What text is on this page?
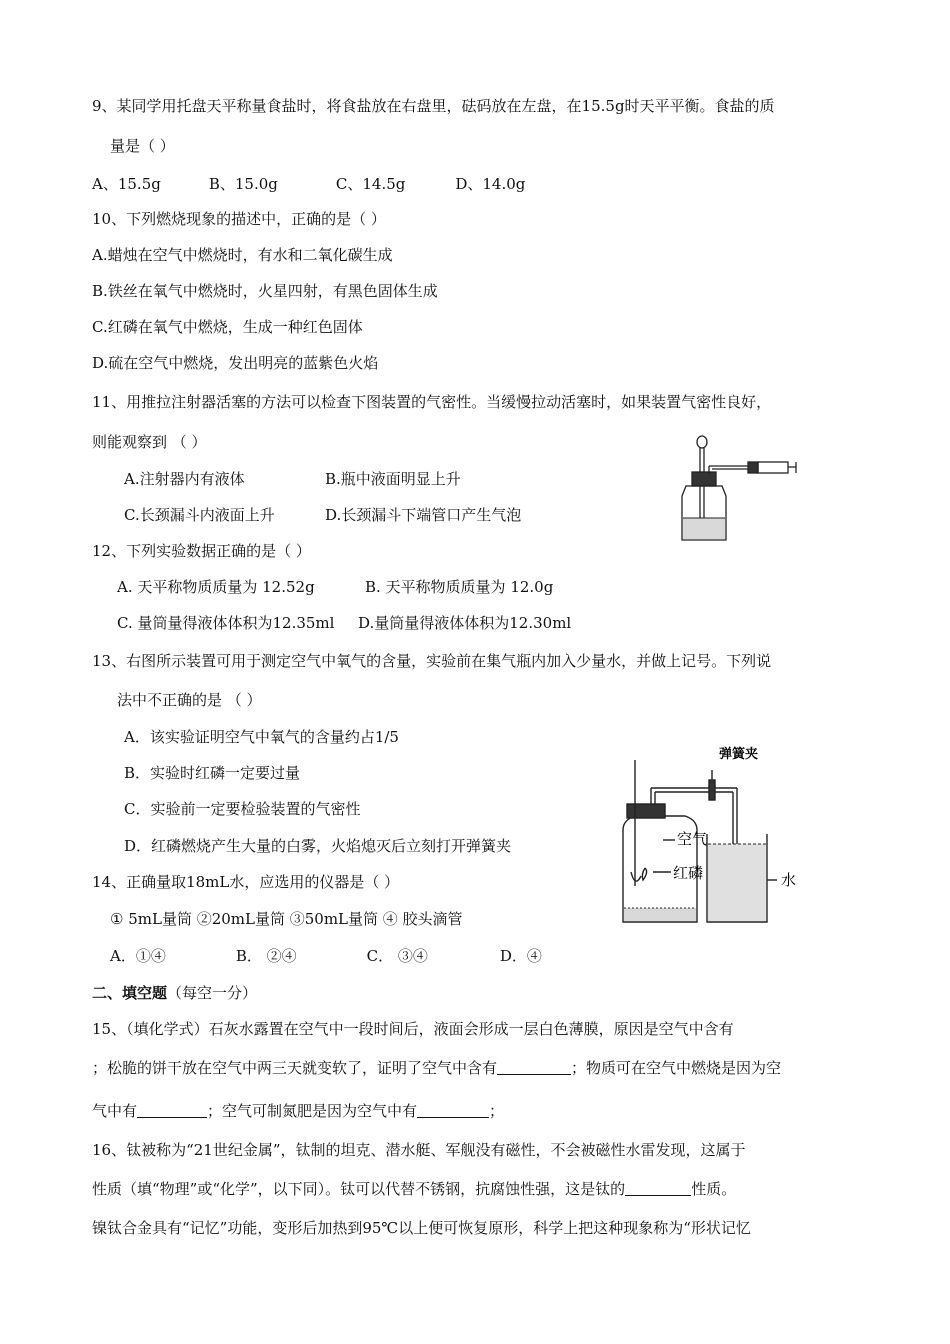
9、某同学用托盘天平称量食盐时，将食盐放在右盘里，砝码放在左盘，在15.5g时天平平衡。食盐的质
量是（ ）
A、15.5g	B、15.0g	C、14.5g	D、14.0g
10、下列燃烧现象的描述中，正确的是（ ）
A.蜡烛在空气中燃烧时，有水和二氧化碳生成
B.铁丝在氧气中燃烧时，火星四射，有黑色固体生成
C.红磷在氧气中燃烧，生成一种红色固体
D.硫在空气中燃烧，发出明亮的蓝紫色火焰
11、用推拉注射器活塞的方法可以检查下图装置的气密性。当缓慢拉动活塞时，如果装置气密性良好，
则能观察到 （ ）
A.注射器内有液体	B.瓶中液面明显上升
C.长颈漏斗内液面上升	D.长颈漏斗下端管口产生气泡
12、下列实验数据正确的是（ ）
A. 天平称物质质量为 12.52g	B. 天平称物质质量为 12.0g
C. 量筒量得液体体积为12.35ml D.量筒量得液体体积为12.30ml
13、右图所示装置可用于测定空气中氧气的含量，实验前在集气瓶内加入少量水，并做上记号。下列说
法中不正确的是 （ ）
A．该实验证明空气中氧气的含量约占1/5
B．实验时红磷一定要过量
C．实验前一定要检验装置的气密性
D．红磷燃烧产生大量的白雾，火焰熄灭后立刻打开弹簧夹
弹簧夹
空气
红磷	水
14、正确量取18mL水，应选用的仪器是（ ）
① 5mL量筒 ②20mL量筒 ③50mL量筒 ④ 胶头滴管
A．①④	B． ②④	C． ③④	D．④
二、填空题（每空一分）
15、（填化学式）石灰水露置在空气中一段时间后，液面会形成一层白色薄膜，原因是空气中含有
；松脆的饼干放在空气中两三天就变软了，证明了空气中含有	；物质可在空气中燃烧是因为空
气中有	；空气可制氮肥是因为空气中有	；
16、钛被称为“21世纪金属”，钛制的坦克、潜水艇、军舰没有磁性，不会被磁性水雷发现，这属于
性质（填“物理”或“化学”，以下同）。钛可以代替不锈钢，抗腐蚀性强，这是钛的	性质。
镍钛合金具有“记忆”功能，变形后加热到95℃以上便可恢复原形，科学上把这种现象称为“形状记忆
